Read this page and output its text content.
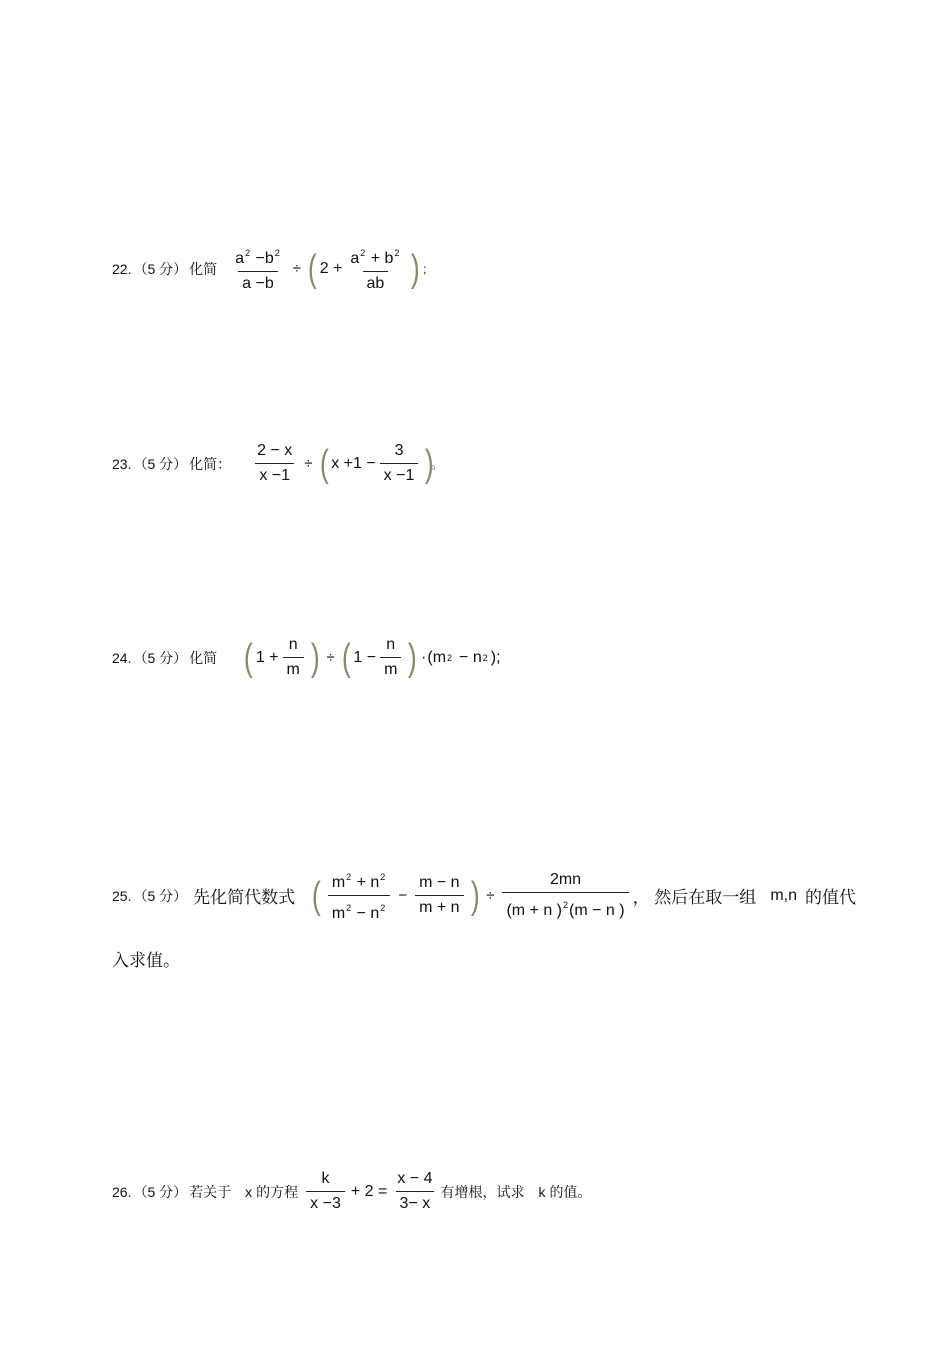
22. （5 分） 化简 $\frac{a^2 -b^2}{a -b}$ ÷ ( $2 + \frac{a^2 + b^2}{ab}$ ) ;
23. （5 分） 化简： $\frac{2 - x}{x -1}$ ÷ ( $x +1 - \frac{3}{x -1}$ )
。
24. （5 分） 化简 ( $1 + \frac{n}{m}$ ) ÷ ( $1 - \frac{n}{m}$ ) · (m 2 − n 2 );
25. （5 分） 先化简代数式 ( $\frac{m^2 + n^2}{m^2 - n^2} - \frac{m - n}{m + n}$ ) ÷ $\frac{2mn}{(m + n )^2(m - n )}$ ， 然后在取一组 m,n 的值代
入求值。
26. （5 分） 若关于 x 的方程 $\frac{k}{x -3} + 2 = \frac{x - 4}{3- x}$ 有增根，试求 k 的值。
